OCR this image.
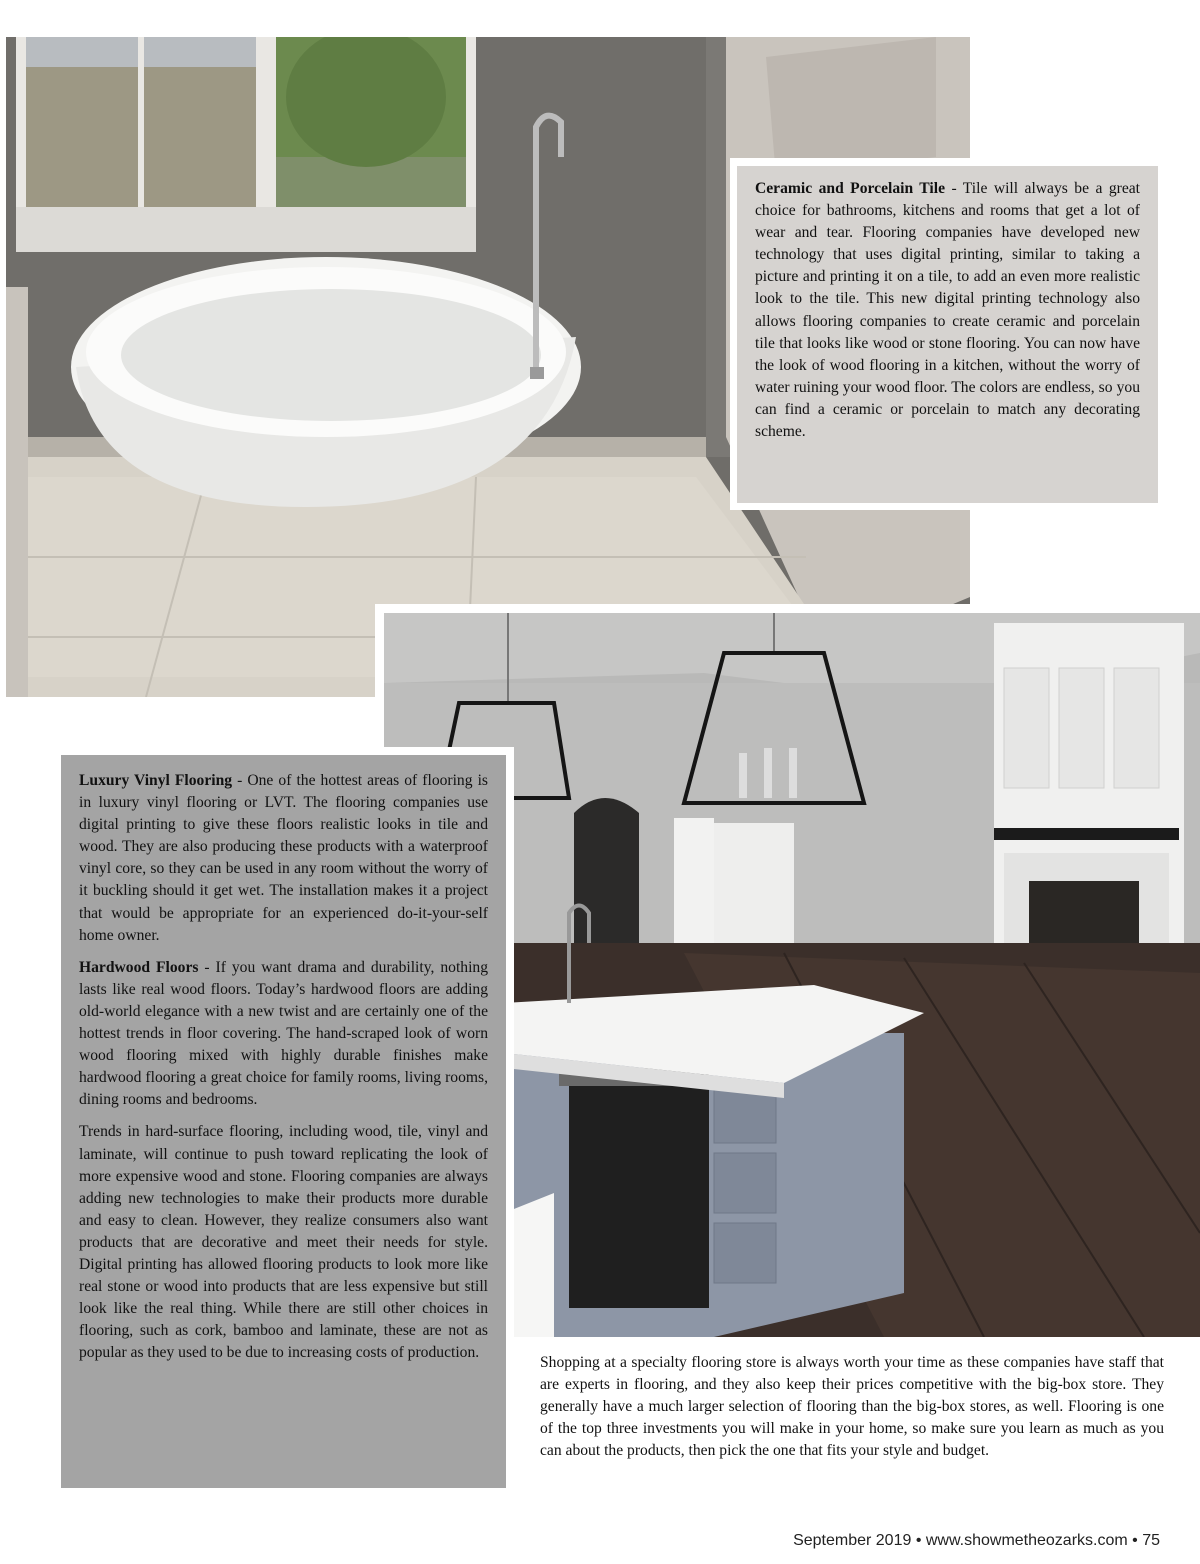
Ceramic and Porcelain Tile - Tile will always be a great choice for bathrooms, kitchens and rooms that get a lot of wear and tear. Flooring companies have developed new technology that uses digital printing, similar to taking a picture and printing it on a tile, to add an even more realistic look to the tile. This new digital printing technology also allows flooring companies to create ceramic and porcelain tile that looks like wood or stone flooring. You can now have the look of wood flooring in a kitchen, without the worry of water ruining your wood floor. The colors are endless, so you can find a ceramic or porcelain to match any decorating scheme.

Luxury Vinyl Flooring - One of the hottest areas of flooring is in luxury vinyl flooring or LVT. The flooring companies use digital printing to give these floors realistic looks in tile and wood. They are also producing these products with a waterproof vinyl core, so they can be used in any room without the worry of it buckling should it get wet. The installation makes it a project that would be appropriate for an experienced do-it-your-self home owner.

Hardwood Floors - If you want drama and durability, nothing lasts like real wood floors. Today’s hardwood floors are adding old-world elegance with a new twist and are certainly one of the hottest trends in floor covering. The hand-scraped look of worn wood flooring mixed with highly durable finishes make hardwood flooring a great choice for family rooms, living rooms, dining rooms and bedrooms.

Trends in hard-surface flooring, including wood, tile, vinyl and laminate, will continue to push toward replicating the look of more expensive wood and stone. Flooring companies are always adding new technologies to make their products more durable and easy to clean. However, they realize consumers also want products that are decorative and meet their needs for style. Digital printing has allowed flooring products to look more like real stone or wood into products that are less expensive but still look like the real thing. While there are still other choices in flooring, such as cork, bamboo and laminate, these are not as popular as they used to be due to increasing costs of production.

Shopping at a specialty flooring store is always worth your time as these companies have staff that are experts in flooring, and they also keep their prices competitive with the big-box store. They generally have a much larger selection of flooring than the big-box stores, as well. Flooring is one of the top three investments you will make in your home, so make sure you learn as much as you can about the products, then pick the one that fits your style and budget.
September 2019 • www.showmetheozarks.com • 75
